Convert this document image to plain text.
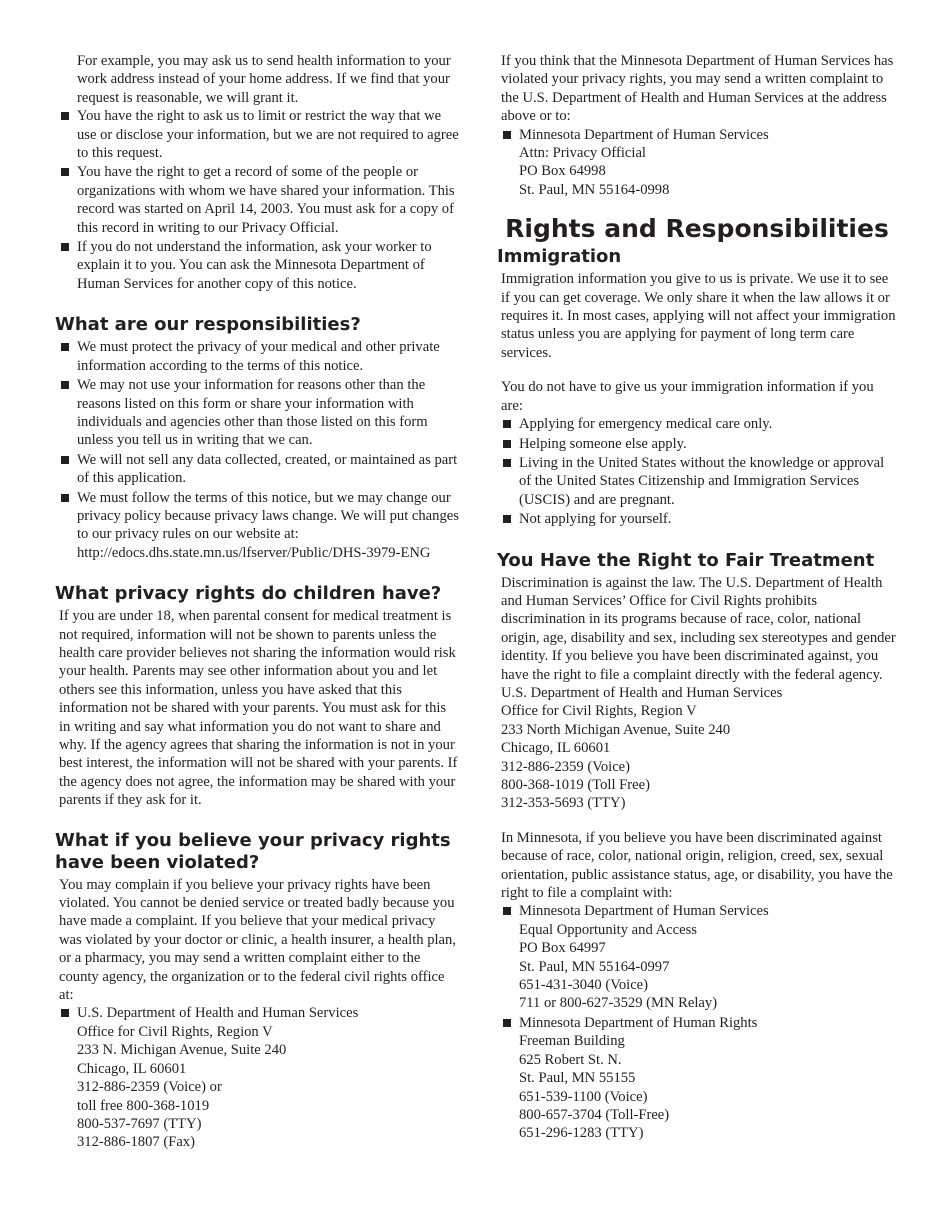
For example, you may ask us to send health information to your work address instead of your home address. If we find that your request is reasonable, we will grant it.

You have the right to ask us to limit or restrict the way that we use or disclose your information, but we are not required to agree to this request.
You have the right to get a record of some of the people or organizations with whom we have shared your information. This record was started on April 14, 2003. You must ask for a copy of this record in writing to our Privacy Official.
If you do not understand the information, ask your worker to explain it to you. You can ask the Minnesota Department of Human Services for another copy of this notice.
What are our responsibilities?
We must protect the privacy of your medical and other private information according to the terms of this notice.
We may not use your information for reasons other than the reasons listed on this form or share your information with individuals and agencies other than those listed on this form unless you tell us in writing that we can.
We will not sell any data collected, created, or maintained as part of this application.
We must follow the terms of this notice, but we may change our privacy policy because privacy laws change. We will put changes to our privacy rules on our website at: http://edocs.dhs.state.mn.us/lfserver/Public/DHS-3979-ENG
What privacy rights do children have?

If you are under 18, when parental consent for medical treatment is not required, information will not be shown to parents unless the health care provider believes not sharing the information would risk your health. Parents may see other information about you and let others see this information, unless you have asked that this information not be shared with your parents. You must ask for this in writing and say what information you do not want to share and why. If the agency agrees that sharing the information is not in your best interest, the information will not be shared with your parents. If the agency does not agree, the information may be shared with your parents if they ask for it.

What if you believe your privacy rights have been violated?

You may complain if you believe your privacy rights have been violated. You cannot be denied service or treated badly because you have made a complaint. If you believe that your medical privacy was violated by your doctor or clinic, a health insurer, a health plan, or a pharmacy, you may send a written complaint either to the county agency, the organization or to the federal civil rights office at:

U.S. Department of Health and Human Services
Office for Civil Rights, Region V
233 N. Michigan Avenue, Suite 240
Chicago, IL 60601
312-886-2359 (Voice) or
toll free 800-368-1019
800-537-7697 (TTY)
312-886-1807 (Fax)

If you think that the Minnesota Department of Human Services has violated your privacy rights, you may send a written complaint to the U.S. Department of Health and Human Services at the address above or to:

Minnesota Department of Human Services
Attn: Privacy Official
PO Box 64998
St. Paul, MN 55164-0998
Rights and Responsibilities
Immigration

Immigration information you give to us is private. We use it to see if you can get coverage. We only share it when the law allows it or requires it. In most cases, applying will not affect your immigration status unless you are applying for payment of long term care services.

You do not have to give us your immigration information if you are:

Applying for emergency medical care only.
Helping someone else apply.
Living in the United States without the knowledge or approval of the United States Citizenship and Immigration Services (USCIS) and are pregnant.
Not applying for yourself.
You Have the Right to Fair Treatment

Discrimination is against the law. The U.S. Department of Health and Human Services’ Office for Civil Rights prohibits discrimination in its programs because of race, color, national origin, age, disability and sex, including sex stereotypes and gender identity. If you believe you have been discriminated against, you have the right to file a complaint directly with the federal agency.

U.S. Department of Health and Human Services
Office for Civil Rights, Region V
233 North Michigan Avenue, Suite 240
Chicago, IL 60601
312-886-2359 (Voice)
800-368-1019 (Toll Free)
312-353-5693 (TTY)

In Minnesota, if you believe you have been discriminated against because of race, color, national origin, religion, creed, sex, sexual orientation, public assistance status, age, or disability, you have the right to file a complaint with:

Minnesota Department of Human Services
Equal Opportunity and Access
PO Box 64997
St. Paul, MN 55164-0997
651-431-3040 (Voice)
711 or 800-627-3529 (MN Relay)
Minnesota Department of Human Rights
Freeman Building
625 Robert St. N.
St. Paul, MN 55155
651-539-1100 (Voice)
800-657-3704 (Toll-Free)
651-296-1283 (TTY)
